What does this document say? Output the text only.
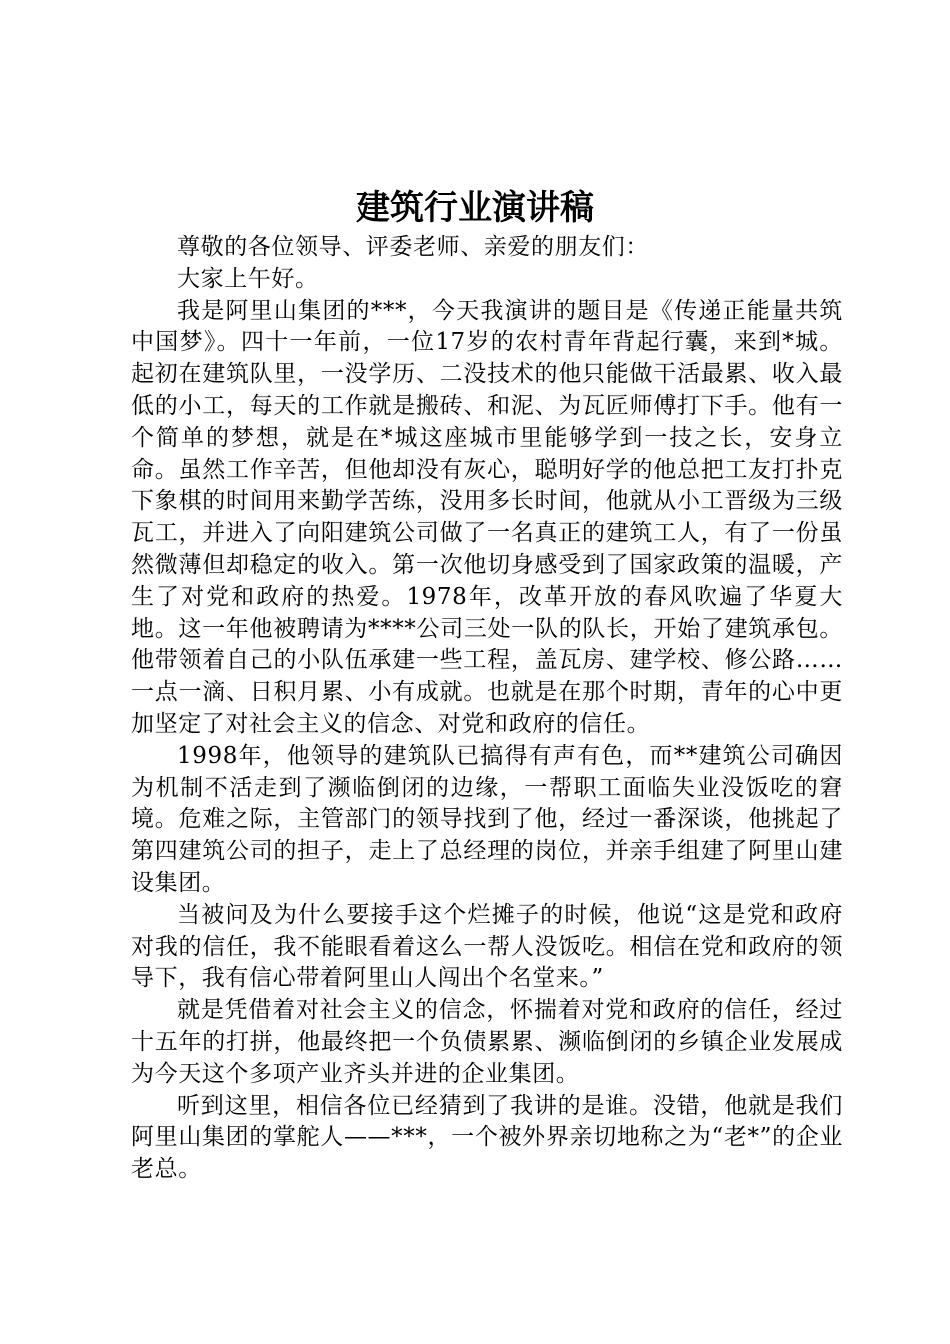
建筑行业演讲稿

尊敬的各位领导、评委老师、亲爱的朋友们：

大家上午好。

我是阿里山集团的***，今天我演讲的题目是《传递正能量共筑中国梦》。四十一年前，一位17岁的农村青年背起行囊，来到*城。起初在建筑队里，一没学历、二没技术的他只能做干活最累、收入最低的小工，每天的工作就是搬砖、和泥、为瓦匠师傅打下手。他有一个简单的梦想，就是在*城这座城市里能够学到一技之长，安身立命。虽然工作辛苦，但他却没有灰心，聪明好学的他总把工友打扑克下象棋的时间用来勤学苦练，没用多长时间，他就从小工晋级为三级瓦工，并进入了向阳建筑公司做了一名真正的建筑工人，有了一份虽然微薄但却稳定的收入。第一次他切身感受到了国家政策的温暖，产生了对党和政府的热爱。1978年，改革开放的春风吹遍了华夏大地。这一年他被聘请为****公司三处一队的队长，开始了建筑承包。他带领着自己的小队伍承建一些工程，盖瓦房、建学校、修公路……一点一滴、日积月累、小有成就。也就是在那个时期，青年的心中更加坚定了对社会主义的信念、对党和政府的信任。

1998年，他领导的建筑队已搞得有声有色，而**建筑公司确因为机制不活走到了濒临倒闭的边缘，一帮职工面临失业没饭吃的窘境。危难之际，主管部门的领导找到了他，经过一番深谈，他挑起了第四建筑公司的担子，走上了总经理的岗位，并亲手组建了阿里山建设集团。

当被问及为什么要接手这个烂摊子的时候，他说“这是党和政府对我的信任，我不能眼看着这么一帮人没饭吃。相信在党和政府的领导下，我有信心带着阿里山人闯出个名堂来。”

就是凭借着对社会主义的信念，怀揣着对党和政府的信任，经过十五年的打拼，他最终把一个负债累累、濒临倒闭的乡镇企业发展成为今天这个多项产业齐头并进的企业集团。

听到这里，相信各位已经猜到了我讲的是谁。没错，他就是我们阿里山集团的掌舵人——***，一个被外界亲切地称之为“老*”的企业老总。
